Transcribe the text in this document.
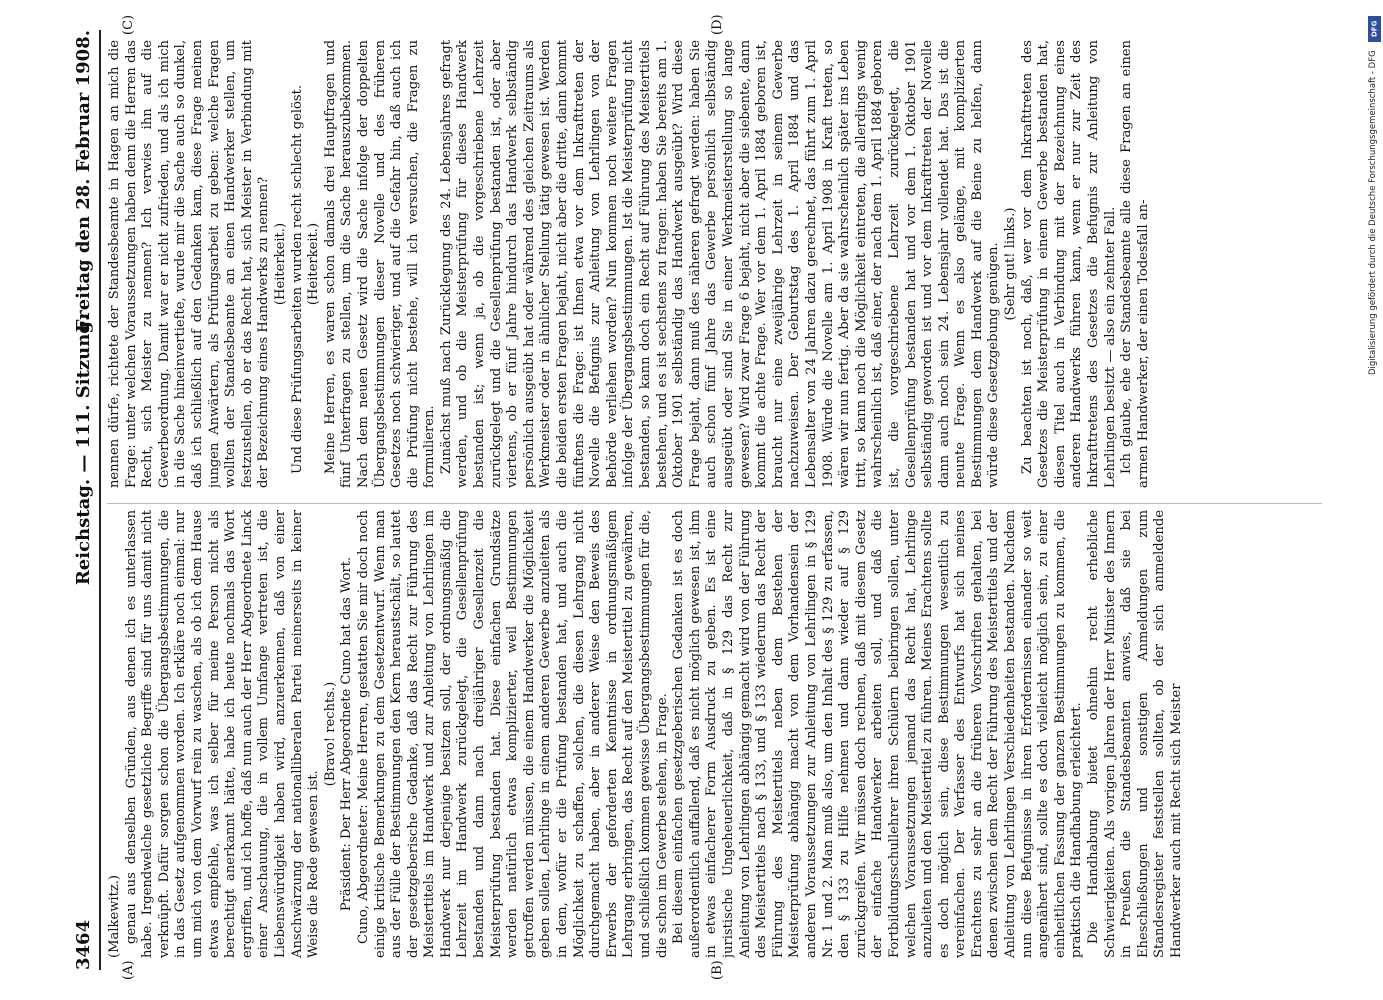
3464
Reichstag. — 111. Sitzung.
Freitag den 28. Februar 1908.
(A)	(B)
(C)	(D)

(Malkewitz.) genau aus denselben Gründen, aus denen ich es unterlassen habe. Irgendwelche gesetzliche Begriffe sind für uns damit nicht verknüpft. Dafür sorgen schon die Übergangsbestimmungen, die in das Gesetz aufgenommen worden. Ich erkläre noch einmal: nur um mich von dem Vorwurf rein zu waschen, als ob ich dem Hause etwas empfehle, was ich selber für meine Person nicht als berechtigt anerkannt hätte, habe ich heute nochmals das Wort ergriffen, und ich hoffe, daß nun auch der Herr Abgeordnete Linck einer Anschauung, die in vollem Umfange vertreten ist, die Liebenswürdigkeit haben wird, anzuerkennen, daß von einer Anschwärzung der nationalliberalen Partei meinerseits in keiner Weise die Rede gewesen ist.

(Bravo! rechts.) Präsident: Der Herr Abgeordnete Cuno hat das Wort. Cuno, Abgeordneter: Meine Herren, gestatten Sie mir doch noch einige kritische Bemerkungen zu dem Gesetzentwurf. Wenn man aus der Fülle der Bestimmungen den Kern heraustschält, so lautet der gesetzgeberische Gedanke, daß das Recht zur Führung des Meistertitels im Handwerk und zur Anleitung von Lehrlingen im Handwerk nur derjenige besitzen soll, der ordnungsmäßig die Lehrzeit im Handwerk zurückgelegt, die Gesellenprüfung bestanden und dann nach dreijähriger Gesellenzeit die Meisterprüfung bestanden hat. Diese einfachen Grundsätze werden natürlich etwas komplizierter, weil Bestimmungen getroffen werden müssen, die einem Handwerker die Möglichkeit geben sollen, Lehrlinge in einem anderen Gewerbe anzuleiten als in dem, wofür er die Prüfung bestanden hat, und auch die Möglichkeit zu schaffen, solchen, die diesen Lehrgang nicht durchgemacht haben, aber in anderer Weise den Beweis des Erwerbs der geforderten Kenntnisse in ordnungsmäßigem Lehrgang erbringen, das Recht auf den Meistertitel zu gewähren, und schließlich kommen gewisse Übergangsbestimmungen für die, die schon im Gewerbe stehen, in Frage. Bei diesem einfachen gesetzgeberischen Gedanken ist es doch außerordentlich auffallend, daß es nicht möglich gewesen ist, ihm in etwas einfacherer Form Ausdruck zu geben. Es ist eine juristische Ungeheuerlichkeit, daß in § 129 das Recht zur Anleitung von Lehrlingen abhängig gemacht wird von der Führung des Meistertitels nach § 133, und § 133 wiederum das Recht der Führung des Meistertitels neben dem Bestehen der Meisterprüfung abhängig macht von dem Vorhandensein der anderen Voraussetzungen zur Anleitung von Lehrlingen in § 129 Nr. 1 und 2. Man muß also, um den Inhalt des § 129 zu erfassen, den § 133 zu Hilfe nehmen und dann wieder auf § 129 zurückgreifen. Wir müssen doch rechnen, daß mit diesem Gesetz der einfache Handwerker arbeiten soll, und daß die Fortbildungsschullehrer ihren Schülern beibringen sollen, unter welchen Voraussetzungen jemand das Recht hat, Lehrlinge anzuleiten und den Meistertitel zu führen. Meines Erachtens sollte es doch möglich sein, diese Bestimmungen wesentlich zu vereinfachen. Der Verfasser des Entwurfs hat sich meines Erachtens zu sehr an die früheren Vorschriften gehalten, bei denen zwischen dem Recht der Führung des Meistertitels und der Anleitung von Lehrlingen Verschiedenheiten bestanden. Nachdem nun diese Befugnisse in ihren Erfordernissen einander so weit angenähert sind, sollte es doch vielleicht möglich sein, zu einer einheitlichen Fassung der ganzen Bestimmungen zu kommen, die praktisch die Handhabung erleichtert. Die Handhabung bietet ohnehin recht erhebliche Schwierigkeiten. Als vorigen Jahren der Herr Minister des Innern in Preußen die Standesbeamten anwies, daß sie bei Eheschließungen und sonstigen Anmeldungen zum Standesregister feststellen sollten, ob der sich anmeldende Handwerker auch mit Recht sich Meister

nennen dürfe, richtete der Standesbeamte in Hagen an mich die Frage: unter welchen Voraussetzungen haben denn die Herren das Recht, sich Meister zu nennen? Ich verwies ihn auf die Gewerbeordnung. Damit war er nicht zufrieden, und als ich mich in die Sache hineinvertiefte, wurde mir die Sache auch so dunkel, daß ich schließlich auf den Gedanken kam, diese Frage meinen jungen Anwärtern, als Prüfungsarbeit zu geben: welche Fragen wollten der Standesbeamte an einen Handwerker stellen, um festzustellen, ob er das Recht hat, sich Meister in Verbindung mit der Bezeichnung eines Handwerks zu nennen? (Heiterkeit.) Und diese Prüfungsarbeiten wurden recht schlecht gelöst. (Heiterkeit.) Meine Herren, es waren schon damals drei Hauptfragen und fünf Unterfragen zu stellen, um die Sache herauszubekommen. Nach dem neuen Gesetz wird die Sache infolge der doppelten Übergangsbestimmungen dieser Novelle und des früheren Gesetzes noch schwieriger, und auf die Gefahr hin, daß auch ich die Prüfung nicht bestehe, will ich versuchen, die Fragen zu formulieren. Zunächst muß nach Zurücklegung des 24. Lebensjahres gefragt werden, und ob die Meisterprüfung für dieses Handwerk bestanden ist; wenn ja, ob die vorgeschriebene Lehrzeit zurückgelegt und die Gesellenprüfung bestanden ist, oder aber viertens, ob er fünf Jahre hindurch das Handwerk selbständig persönlich ausgeübt hat oder während des gleichen Zeitraums als Werkmeister oder in ähnlicher Stellung tätig gewesen ist. Werden die beiden ersten Fragen bejaht, nicht aber die dritte, dann kommt fünftens die Frage: ist Ihnen etwa vor dem Inkrafttreten der Novelle die Befugnis zur Anleitung von Lehrlingen von der Behörde verliehen worden? Nun kommen noch weitere Fragen infolge der Übergangsbestimmungen. Ist die Meisterprüfung nicht bestanden, so kann doch ein Recht auf Führung des Meistertitels bestehen, und es ist sechstens zu fragen: haben Sie bereits am 1. Oktober 1901 selbständig das Handwerk ausgeübt? Wird diese Frage bejaht, dann muß des näheren gefragt werden: haben Sie auch schon fünf Jahre das Gewerbe persönlich selbständig ausgeübt oder sind Sie in einer Werkmeisterstellung so lange gewesen? Wird zwar Frage 6 bejaht, nicht aber die siebente, dann kommt die achte Frage. Wer vor dem 1. April 1884 geboren ist, braucht nur eine zweijährige Lehrzeit in seinem Gewerbe nachzuweisen. Der Geburtstag des 1. April 1884 und das Lebensalter von 24 Jahren dazu gerechnet, das führt zum 1. April 1908. Würde die Novelle am 1. April 1908 in Kraft treten, so wären wir nun fertig. Aber da sie wahrscheinlich später ins Leben tritt, so kann noch die Möglichkeit eintreten, die allerdings wenig wahrscheinlich ist, daß einer, der nach dem 1. April 1884 geboren ist, die vorgeschriebene Lehrzeit zurückgelegt, die Gesellenprüfung bestanden hat und vor dem 1. Oktober 1901 selbständig geworden ist und vor dem Inkrafttreten der Novelle dann auch noch sein 24. Lebensjahr vollendet hat. Das ist die neunte Frage. Wenn es also gelänge, mit komplizierten Bestimmungen dem Handwerk auf die Beine zu helfen, dann würde diese Gesetzgebung genügen. (Sehr gut! links.) Zu beachten ist noch, daß, wer vor dem Inkrafttreten des Gesetzes die Meisterprüfung in einem Gewerbe bestanden hat, diesen Titel auch in Verbindung mit der Bezeichnung eines anderen Handwerks führen kann, wenn er nur zur Zeit des Inkrafttretens des Gesetzes die Befugnis zur Anleitung von Lehrlingen besitzt — also ein zehnter Fall. Ich glaube, ehe der Standesbeamte alle diese Fragen an einen armen Handwerker, der einen Todesfall an-

DFG
Digitalisierung gefördert durch die Deutsche Forschungsgemeinschaft - DFG
